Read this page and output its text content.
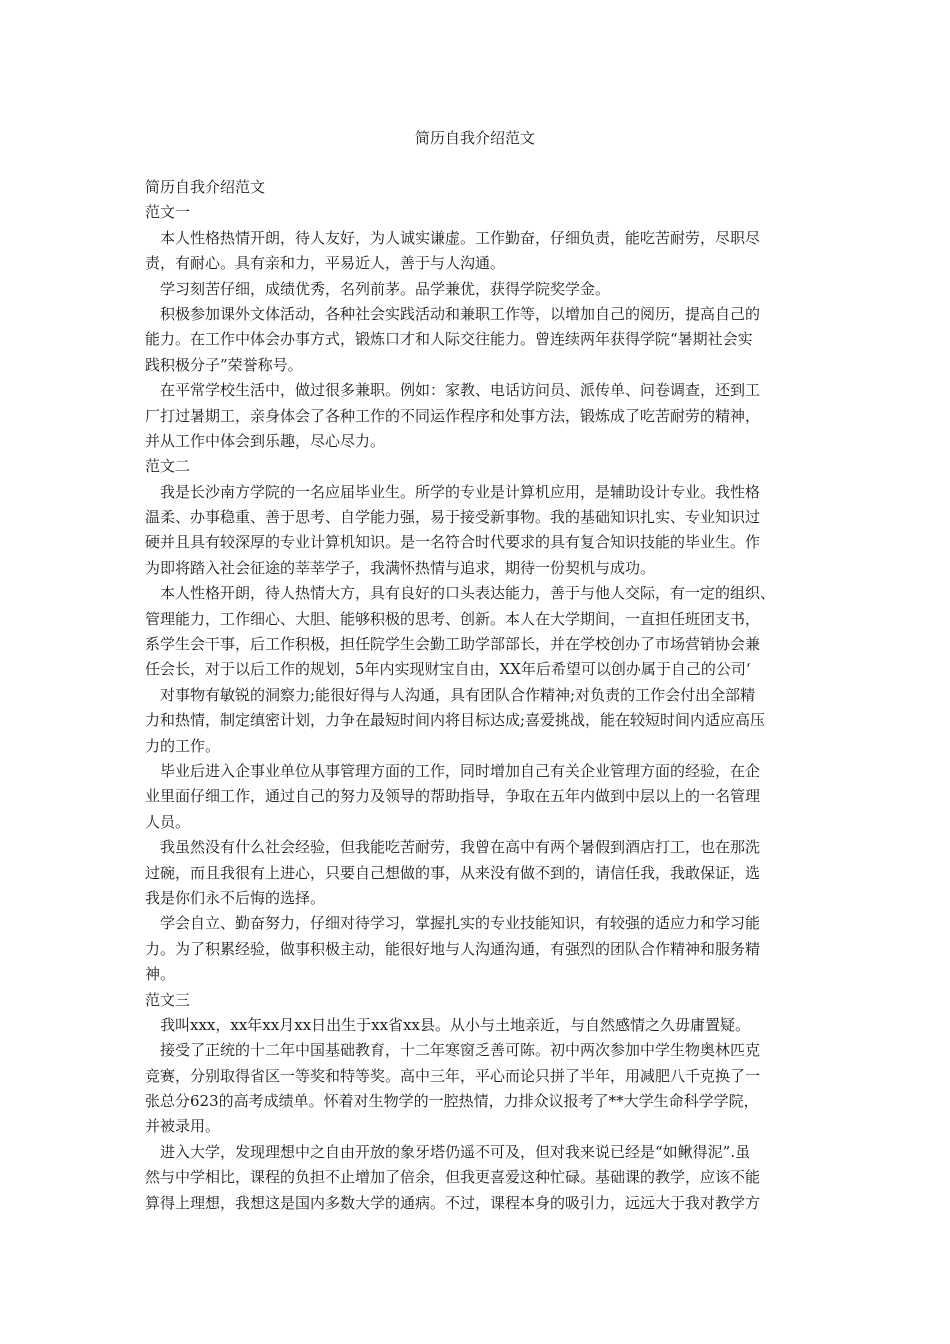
简历自我介绍范文
简历自我介绍范文
范文一
本人性格热情开朗，待人友好，为人诚实谦虚。工作勤奋，仔细负责，能吃苦耐劳，尽职尽
责，有耐心。具有亲和力，平易近人，善于与人沟通。
学习刻苦仔细，成绩优秀，名列前茅。品学兼优，获得学院奖学金。
积极参加课外文体活动，各种社会实践活动和兼职工作等，以增加自己的阅历，提高自己的
能力。在工作中体会办事方式，锻炼口才和人际交往能力。曾连续两年获得学院“暑期社会实
践积极分子”荣誉称号。
在平常学校生活中，做过很多兼职。例如：家教、电话访问员、派传单、问卷调查，还到工
厂打过暑期工，亲身体会了各种工作的不同运作程序和处事方法，锻炼成了吃苦耐劳的精神，
并从工作中体会到乐趣，尽心尽力。
范文二
我是长沙南方学院的一名应届毕业生。所学的专业是计算机应用，是辅助设计专业。我性格
温柔、办事稳重、善于思考、自学能力强，易于接受新事物。我的基础知识扎实、专业知识过
硬并且具有较深厚的专业计算机知识。是一名符合时代要求的具有复合知识技能的毕业生。作
为即将踏入社会征途的莘莘学子，我满怀热情与追求，期待一份契机与成功。
本人性格开朗，待人热情大方，具有良好的口头表达能力，善于与他人交际，有一定的组织、
管理能力，工作细心、大胆、能够积极的思考、创新。本人在大学期间，一直担任班团支书，
系学生会干事，后工作积极，担任院学生会勤工助学部部长，并在学校创办了市场营销协会兼
任会长，对于以后工作的规划，5年内实现财宝自由，XX年后希望可以创办属于自己的公司‘
对事物有敏锐的洞察力;能很好得与人沟通，具有团队合作精神;对负责的工作会付出全部精
力和热情，制定缜密计划，力争在最短时间内将目标达成;喜爱挑战，能在较短时间内适应高压
力的工作。
毕业后进入企事业单位从事管理方面的工作，同时增加自己有关企业管理方面的经验，在企
业里面仔细工作，通过自己的努力及领导的帮助指导，争取在五年内做到中层以上的一名管理
人员。
我虽然没有什么社会经验，但我能吃苦耐劳，我曾在高中有两个暑假到酒店打工，也在那洗
过碗，而且我很有上进心，只要自己想做的事，从来没有做不到的，请信任我，我敢保证，选
我是你们永不后悔的选择。
学会自立、勤奋努力，仔细对待学习，掌握扎实的专业技能知识，有较强的适应力和学习能
力。为了积累经验，做事积极主动，能很好地与人沟通沟通，有强烈的团队合作精神和服务精
神。
范文三
我叫xxx，xx年xx月xx日出生于xx省xx县。从小与土地亲近，与自然感情之久毋庸置疑。
接受了正统的十二年中国基础教育，十二年寒窗乏善可陈。初中两次参加中学生物奥林匹克
竞赛，分别取得省区一等奖和特等奖。高中三年，平心而论只拼了半年，用减肥八千克换了一
张总分623的高考成绩单。怀着对生物学的一腔热情，力排众议报考了**大学生命科学学院，
并被录用。
进入大学，发现理想中之自由开放的象牙塔仍遥不可及，但对我来说已经是“如鳅得泥”.虽
然与中学相比，课程的负担不止增加了倍余，但我更喜爱这种忙碌。基础课的教学，应该不能
算得上理想，我想这是国内多数大学的通病。不过，课程本身的吸引力，远远大于我对教学方
